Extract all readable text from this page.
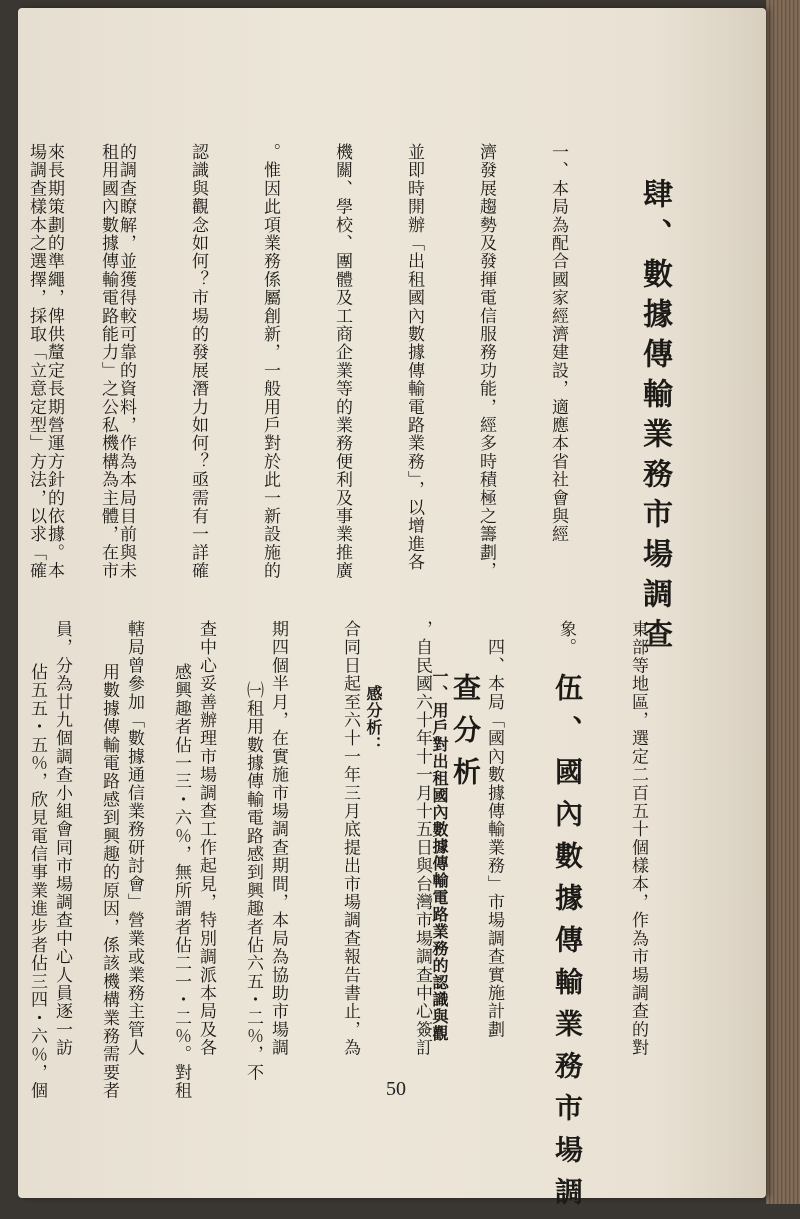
肆、數據傳輸業務市場調查

一、本局為配合國家經濟建設，適應本省社會與經

濟發展趨勢及發揮電信服務功能，經多時積極之籌劃，

並即時開辦「出租國內數據傳輸電路業務」，以增進各

機關、學校、團體及工商企業等的業務便利及事業推廣

。惟因此項業務係屬創新，一般用戶對於此一新設施的

認識與觀念如何？市場的發展潛力如何？亟需有一詳確

的調查瞭解，並獲得較可靠的資料，作為本局目前與未

來長期策劃的準繩，俾供釐定長期營運方針的依據。本

租用國內數據傳輸電路能力」之公私機構為主體，在市

場調查樣本之選擇，採取「立意定型」方法，以求「確

東部等地區，選定二百五十個樣本，作為市場調查的對

象。

　四、本局「國內數據傳輸業務」市場調查實施計劃

，自民國六十年十一月十五日與台灣市場調查中心簽訂

合同日起至六十一年三月底提出市場調查報告書止，為

期四個半月，在實施市場調查期間，本局為協助市場調

查中心妥善辦理市場調查工作起見，特別調派本局及各

轄局曾參加「數據通信業務研討會」營業或業務主管人

員，分為廿九個調查小組會同市場調查中心人員逐一訪

	伍、國內數據傳輸業務市場調

查分析

一、用戶對出租國內數據傳輸電路業務的認識與觀

　感分析：

　㈠租用數據傳輸電路感到興趣者佔六五・二％，不

感興趣者佔一三・六％，無所謂者佔二一・二％。對租

用數據傳輸電路感到興趣的原因，係該機構業務需要者

佔五五・五％，欣見電信事業進步者佔三四・六％，個

	50
